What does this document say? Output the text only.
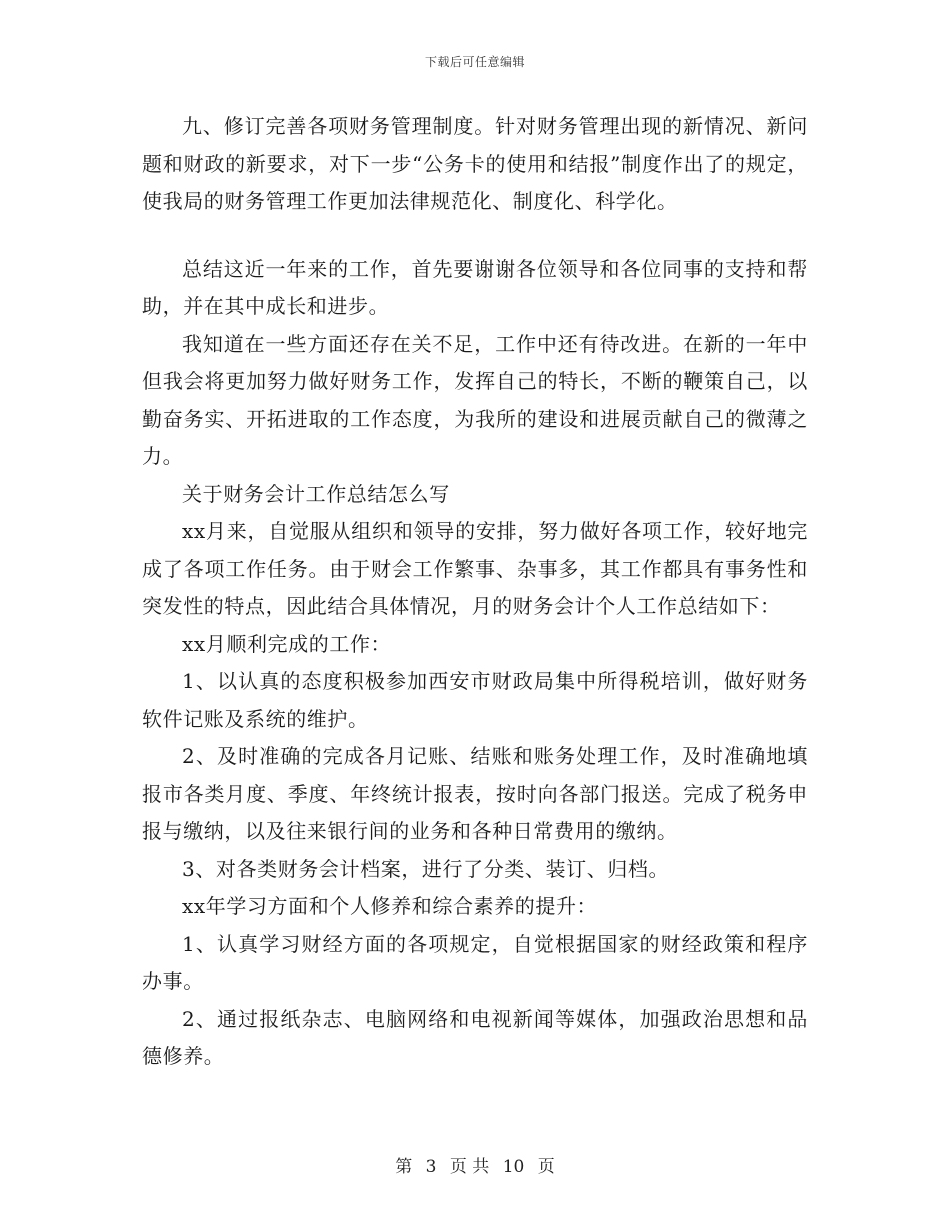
下载后可任意编辑

九、修订完善各项财务管理制度。针对财务管理出现的新情况、新问题和财政的新要求，对下一步“公务卡的使用和结报”制度作出了的规定，使我局的财务管理工作更加法律规范化、制度化、科学化。

总结这近一年来的工作，首先要谢谢各位领导和各位同事的支持和帮助，并在其中成长和进步。

我知道在一些方面还存在关不足，工作中还有待改进。在新的一年中但我会将更加努力做好财务工作，发挥自己的特长，不断的鞭策自己，以勤奋务实、开拓进取的工作态度，为我所的建设和进展贡献自己的微薄之力。

关于财务会计工作总结怎么写

xx月来，自觉服从组织和领导的安排，努力做好各项工作，较好地完成了各项工作任务。由于财会工作繁事、杂事多，其工作都具有事务性和突发性的特点，因此结合具体情况，月的财务会计个人工作总结如下：

xx月顺利完成的工作：

1、以认真的态度积极参加西安市财政局集中所得税培训，做好财务软件记账及系统的维护。

2、及时准确的完成各月记账、结账和账务处理工作，及时准确地填报市各类月度、季度、年终统计报表，按时向各部门报送。完成了税务申报与缴纳，以及往来银行间的业务和各种日常费用的缴纳。

3、对各类财务会计档案，进行了分类、装订、归档。

xx年学习方面和个人修养和综合素养的提升：

1、认真学习财经方面的各项规定，自觉根据国家的财经政策和程序办事。

2、通过报纸杂志、电脑网络和电视新闻等媒体，加强政治思想和品德修养。

第 3 页 共 10 页
